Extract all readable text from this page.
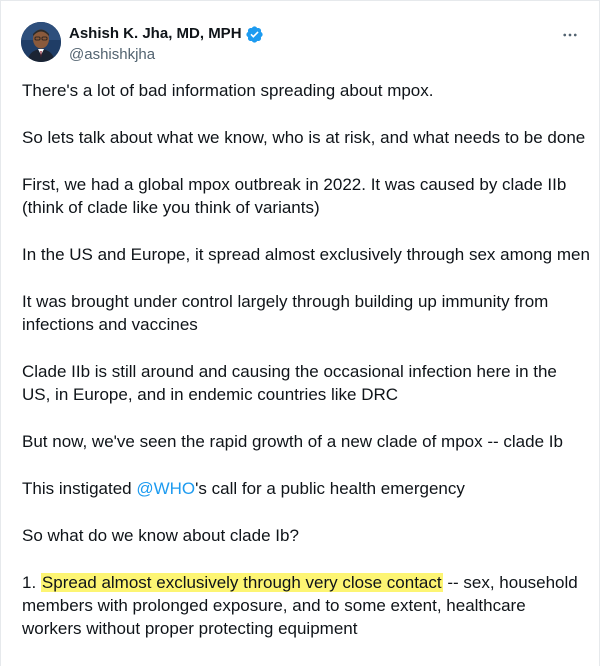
Ashish K. Jha, MD, MPH
@ashishkjha

There's a lot of bad information spreading about mpox.

So lets talk about what we know, who is at risk, and what needs to be done

First, we had a global mpox outbreak in 2022. It was caused by clade IIb
(think of clade like you think of variants)

In the US and Europe, it spread almost exclusively through sex among men

It was brought under control largely through building up immunity from
infections and vaccines

Clade IIb is still around and causing the occasional infection here in the
US, in Europe, and in endemic countries like DRC

But now, we've seen the rapid growth of a new clade of mpox -- clade Ib

This instigated @WHO's call for a public health emergency

So what do we know about clade Ib?

1. Spread almost exclusively through very close contact -- sex, household
members with prolonged exposure, and to some extent, healthcare
workers without proper protecting equipment
